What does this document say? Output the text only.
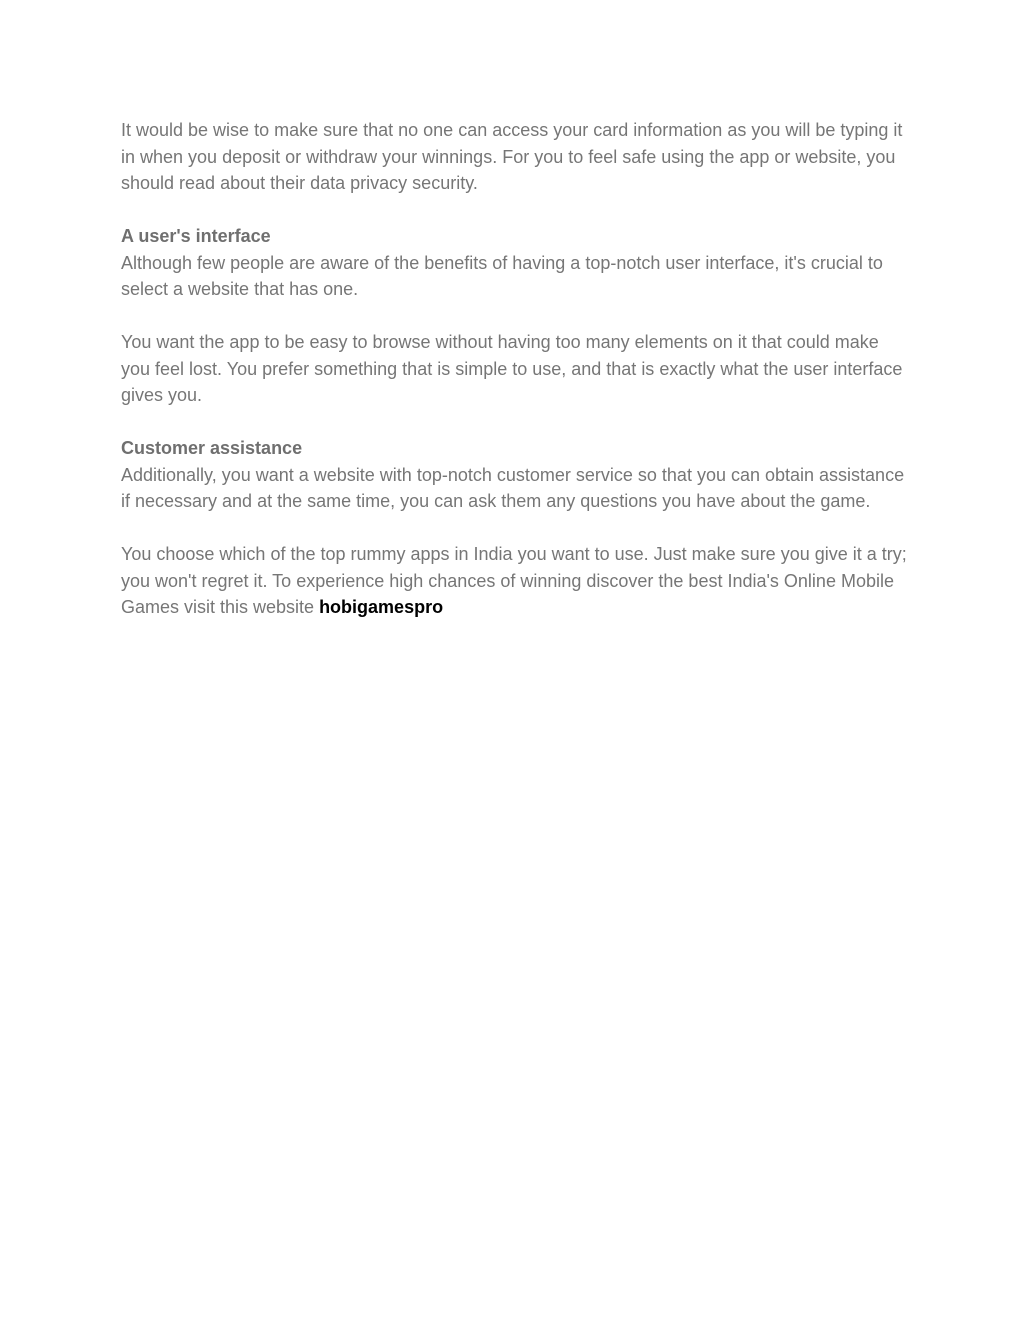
It would be wise to make sure that no one can access your card information as you will be typing it in when you deposit or withdraw your winnings. For you to feel safe using the app or website, you should read about their data privacy security.

A user's interface
Although few people are aware of the benefits of having a top-notch user interface, it's crucial to select a website that has one.

You want the app to be easy to browse without having too many elements on it that could make you feel lost. You prefer something that is simple to use, and that is exactly what the user interface gives you.

Customer assistance
Additionally, you want a website with top-notch customer service so that you can obtain assistance if necessary and at the same time, you can ask them any questions you have about the game.

You choose which of the top rummy apps in India you want to use. Just make sure you give it a try; you won't regret it. To experience high chances of winning discover the best India's Online Mobile Games visit this website hobigamespro
